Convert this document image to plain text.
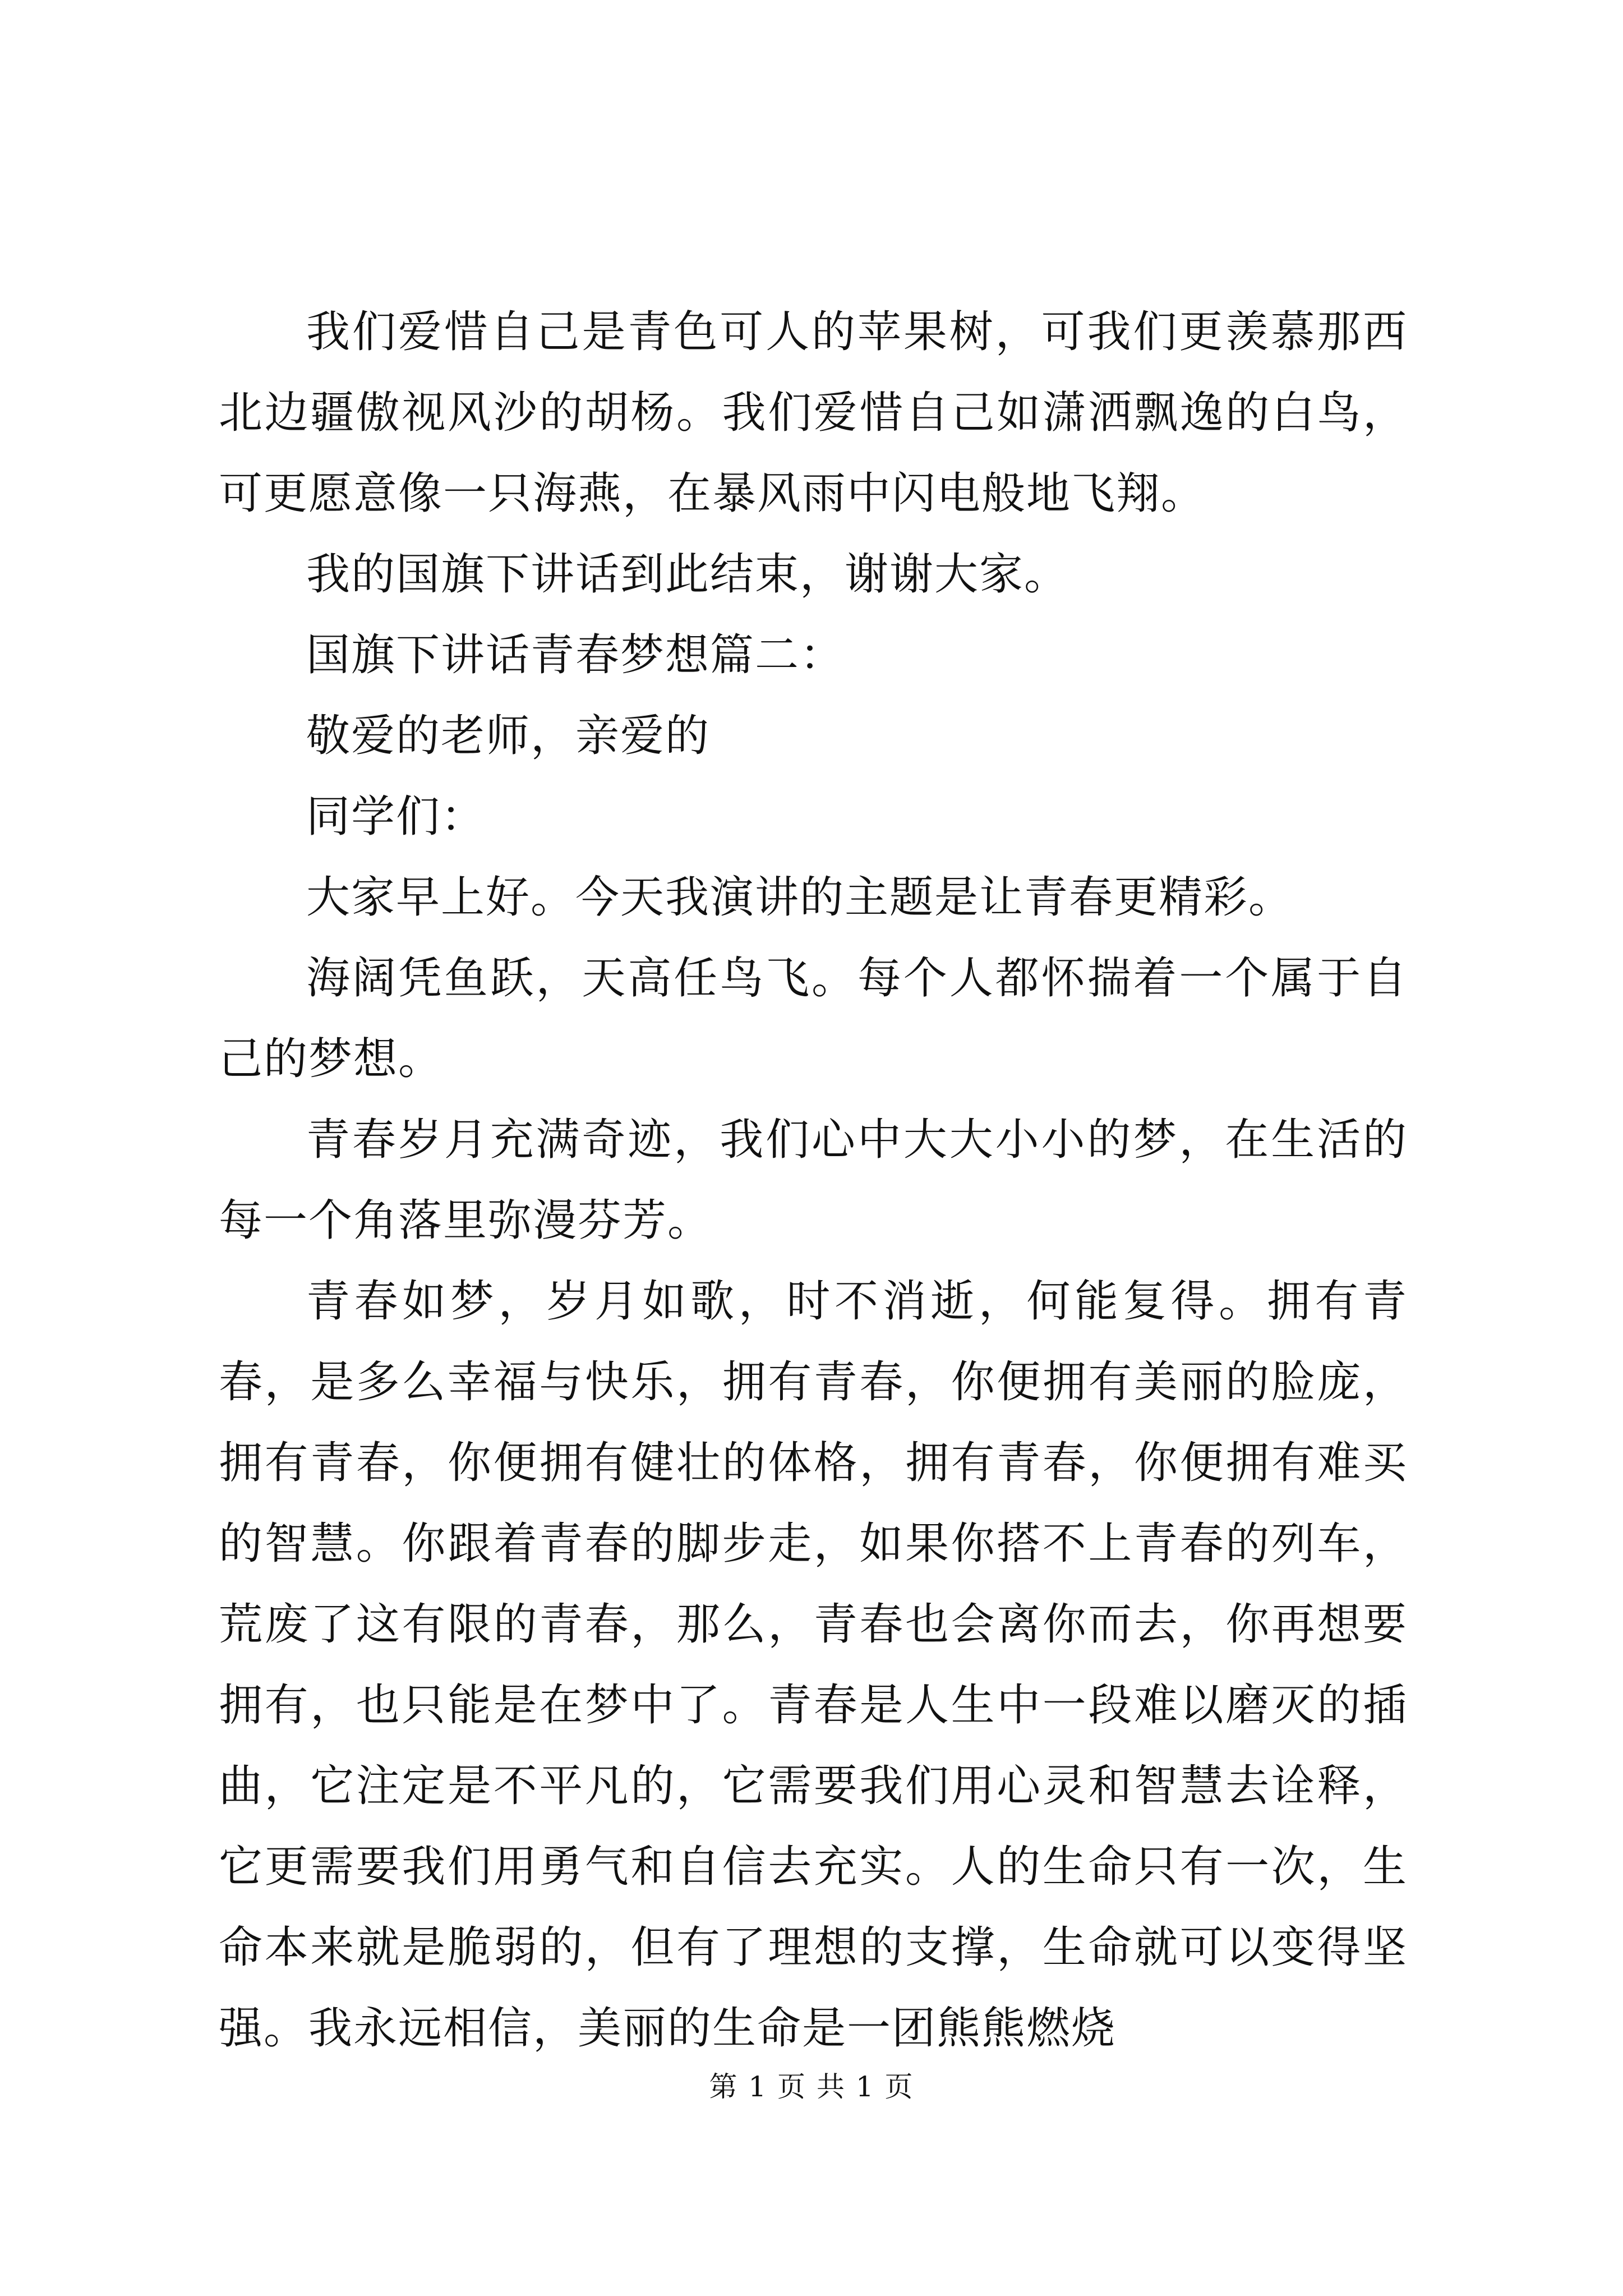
我们爱惜自己是青色可人的苹果树，可我们更羡慕那西北边疆傲视风沙的胡杨。我们爱惜自己如潇洒飘逸的白鸟，可更愿意像一只海燕，在暴风雨中闪电般地飞翔。

我的国旗下讲话到此结束，谢谢大家。

国旗下讲话青春梦想篇二：

敬爱的老师，亲爱的

同学们：

大家早上好。今天我演讲的主题是让青春更精彩。

海阔凭鱼跃，天高任鸟飞。每个人都怀揣着一个属于自己的梦想。

青春岁月充满奇迹，我们心中大大小小的梦，在生活的每一个角落里弥漫芬芳。

青春如梦，岁月如歌，时不消逝，何能复得。拥有青春，是多么幸福与快乐，拥有青春，你便拥有美丽的脸庞，拥有青春，你便拥有健壮的体格，拥有青春，你便拥有难买的智慧。你跟着青春的脚步走，如果你搭不上青春的列车，荒废了这有限的青春，那么，青春也会离你而去，你再想要拥有，也只能是在梦中了。青春是人生中一段难以磨灭的插曲，它注定是不平凡的，它需要我们用心灵和智慧去诠释，它更需要我们用勇气和自信去充实。人的生命只有一次，生命本来就是脆弱的，但有了理想的支撑，生命就可以变得坚强。我永远相信，美丽的生命是一团熊熊燃烧

第 1 页 共 1 页
